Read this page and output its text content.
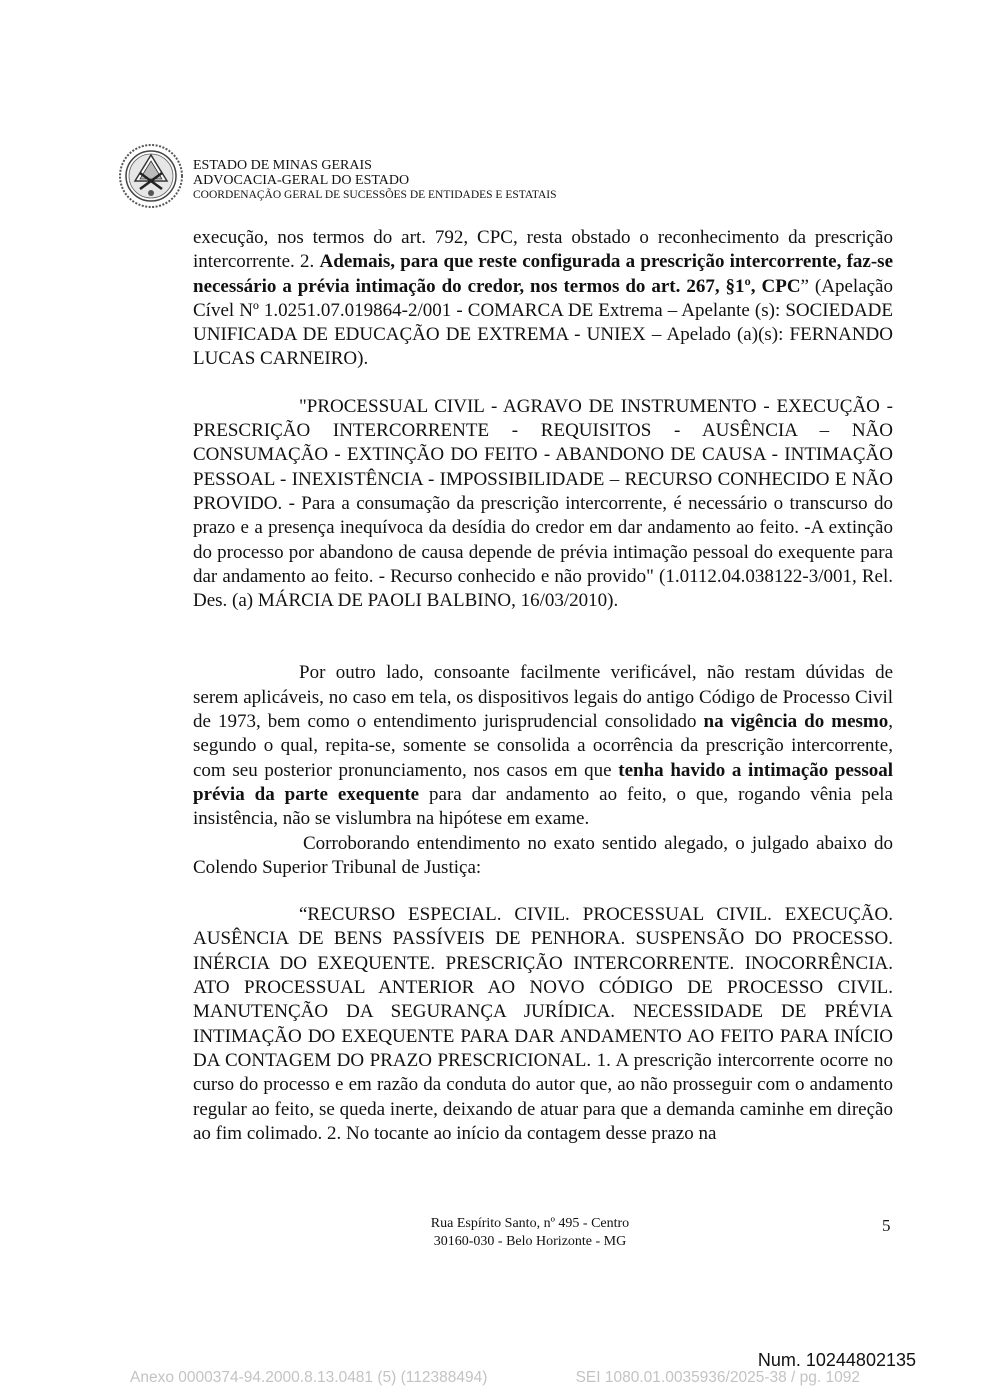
ESTADO DE MINAS GERAIS
ADVOCACIA-GERAL DO ESTADO
COORDENAÇÃO GERAL DE SUCESSÕES DE ENTIDADES E ESTATAIS

execução, nos termos do art. 792, CPC, resta obstado o reconhecimento da prescrição intercorrente. 2. Ademais, para que reste configurada a prescrição intercorrente, faz-se necessário a prévia intimação do credor, nos termos do art. 267, §1º, CPC” (Apelação Cível Nº 1.0251.07.019864-2/001 - COMARCA DE Extrema – Apelante (s): SOCIEDADE UNIFICADA DE EDUCAÇÃO DE EXTREMA - UNIEX – Apelado (a)(s): FERNANDO LUCAS CARNEIRO).

"PROCESSUAL CIVIL - AGRAVO DE INSTRUMENTO - EXECUÇÃO - PRESCRIÇÃO INTERCORRENTE - REQUISITOS - AUSÊNCIA – NÃO CONSUMAÇÃO - EXTINÇÃO DO FEITO - ABANDONO DE CAUSA - INTIMAÇÃO PESSOAL - INEXISTÊNCIA - IMPOSSIBILIDADE – RECURSO CONHECIDO E NÃO PROVIDO. - Para a consumação da prescrição intercorrente, é necessário o transcurso do prazo e a presença inequívoca da desídia do credor em dar andamento ao feito. -A extinção do processo por abandono de causa depende de prévia intimação pessoal do exequente para dar andamento ao feito. - Recurso conhecido e não provido" (1.0112.04.038122-3/001, Rel. Des. (a) MÁRCIA DE PAOLI BALBINO, 16/03/2010).

Por outro lado, consoante facilmente verificável, não restam dúvidas de serem aplicáveis, no caso em tela, os dispositivos legais do antigo Código de Processo Civil de 1973, bem como o entendimento jurisprudencial consolidado na vigência do mesmo, segundo o qual, repita-se, somente se consolida a ocorrência da prescrição intercorrente, com seu posterior pronunciamento, nos casos em que tenha havido a intimação pessoal prévia da parte exequente para dar andamento ao feito, o que, rogando vênia pela insistência, não se vislumbra na hipótese em exame.

Corroborando entendimento no exato sentido alegado, o julgado abaixo do Colendo Superior Tribunal de Justiça:

“RECURSO ESPECIAL. CIVIL. PROCESSUAL CIVIL. EXECUÇÃO. AUSÊNCIA DE BENS PASSÍVEIS DE PENHORA. SUSPENSÃO DO PROCESSO. INÉRCIA DO EXEQUENTE. PRESCRIÇÃO INTERCORRENTE. INOCORRÊNCIA. ATO PROCESSUAL ANTERIOR AO NOVO CÓDIGO DE PROCESSO CIVIL. MANUTENÇÃO DA SEGURANÇA JURÍDICA. NECESSIDADE DE PRÉVIA INTIMAÇÃO DO EXEQUENTE PARA DAR ANDAMENTO AO FEITO PARA INÍCIO DA CONTAGEM DO PRAZO PRESCRICIONAL. 1. A prescrição intercorrente ocorre no curso do processo e em razão da conduta do autor que, ao não prosseguir com o andamento regular ao feito, se queda inerte, deixando de atuar para que a demanda caminhe em direção ao fim colimado. 2. No tocante ao início da contagem desse prazo na

Rua Espírito Santo, nº 495 - Centro
30160-030 - Belo Horizonte - MG
5
Num. 10244802135
Anexo 0000374-94.2000.8.13.0481 (5) (112388494)	SEI 1080.01.0035936/2025-38 / pg. 1092
